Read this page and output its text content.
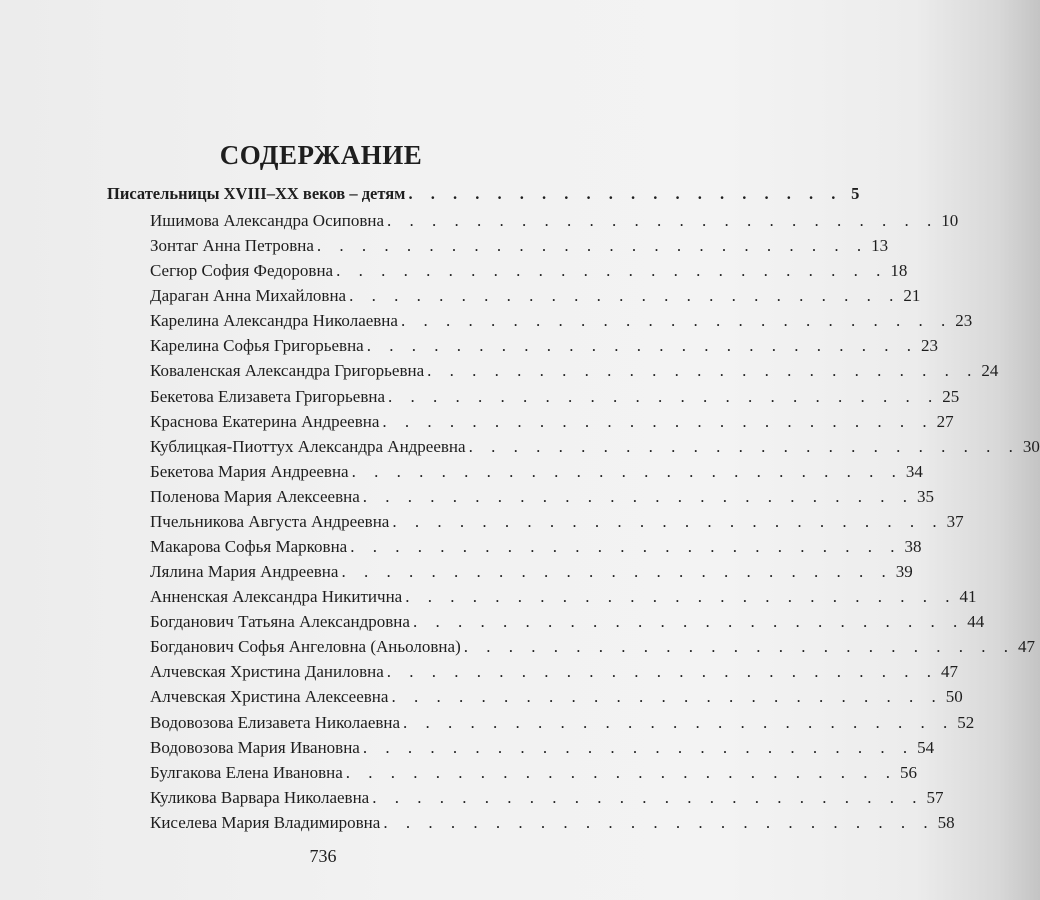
СОДЕРЖАНИЕ
Писательницы XVIII–XX веков – детям . . . . . . . . . . . . . . . . . . . . 5
Ишимова Александра Осиповна . . . . . . . . . . . . . . . . . . . . . . . . . 10
Зонтаг Анна Петровна . . . . . . . . . . . . . . . . . . . . . . . . . 13
Сегюр София Федоровна . . . . . . . . . . . . . . . . . . . . . . . . . 18
Дараган Анна Михайловна . . . . . . . . . . . . . . . . . . . . . . . . . 21
Карелина Александра Николаевна . . . . . . . . . . . . . . . . . . . . . . . . . 23
Карелина Софья Григорьевна . . . . . . . . . . . . . . . . . . . . . . . . . 23
Коваленская Александра Григорьевна . . . . . . . . . . . . . . . . . . . . . . . . . 24
Бекетова Елизавета Григорьевна . . . . . . . . . . . . . . . . . . . . . . . . . 25
Краснова Екатерина Андреевна . . . . . . . . . . . . . . . . . . . . . . . . . 27
Кублицкая-Пиоттух Александра Андреевна . . . . . . . . . . . . . . . . . . . . . . . . . 30
Бекетова Мария Андреевна . . . . . . . . . . . . . . . . . . . . . . . . . 34
Поленова Мария Алексеевна . . . . . . . . . . . . . . . . . . . . . . . . . 35
Пчельникова Августа Андреевна . . . . . . . . . . . . . . . . . . . . . . . . . 37
Макарова Софья Марковна . . . . . . . . . . . . . . . . . . . . . . . . . 38
Лялина Мария Андреевна . . . . . . . . . . . . . . . . . . . . . . . . . 39
Анненская Александра Никитична . . . . . . . . . . . . . . . . . . . . . . . . . 41
Богданович Татьяна Александровна . . . . . . . . . . . . . . . . . . . . . . . . . 44
Богданович Софья Ангеловна (Аньоловна) . . . . . . . . . . . . . . . . . . . . . . . . . 47
Алчевская Христина Даниловна . . . . . . . . . . . . . . . . . . . . . . . . . 47
Алчевская Христина Алексеевна . . . . . . . . . . . . . . . . . . . . . . . . . 50
Водовозова Елизавета Николаевна . . . . . . . . . . . . . . . . . . . . . . . . . 52
Водовозова Мария Ивановна . . . . . . . . . . . . . . . . . . . . . . . . . 54
Булгакова Елена Ивановна . . . . . . . . . . . . . . . . . . . . . . . . . 56
Куликова Варвара Николаевна . . . . . . . . . . . . . . . . . . . . . . . . . 57
Киселева Мария Владимировна . . . . . . . . . . . . . . . . . . . . . . . . . 58
736
